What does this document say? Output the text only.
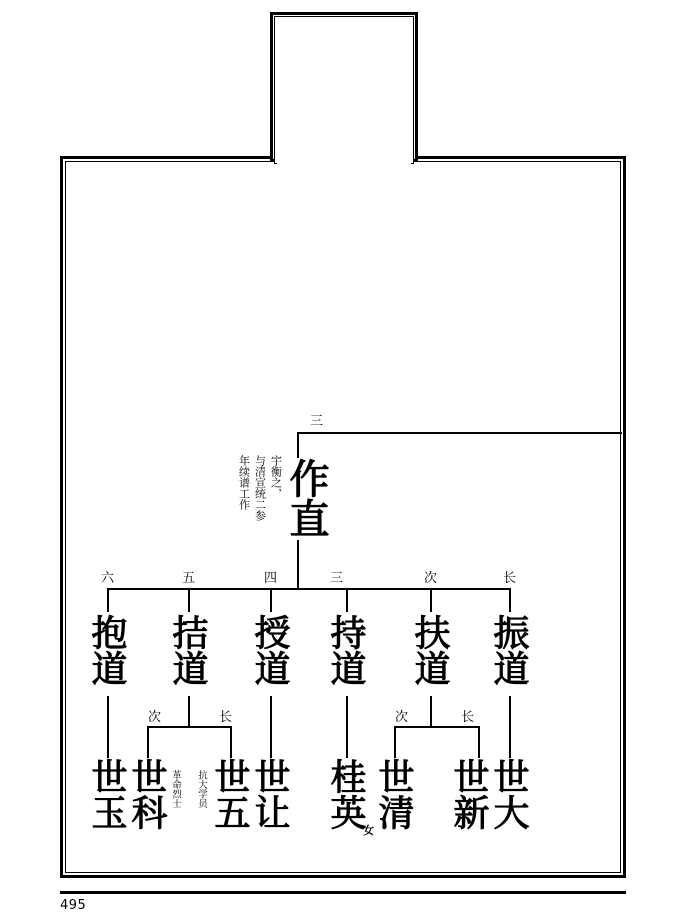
三
作直
宇衡之，
与清宣统二参
年续谱工作
六	五	四	三	次	长
抱道 拮道 授道 持道 扶道 振道
次	长	次	长
世玉
世科 革命烈士 世五
抗大学员 世让 桂英
女
世清 世新
世大
495
